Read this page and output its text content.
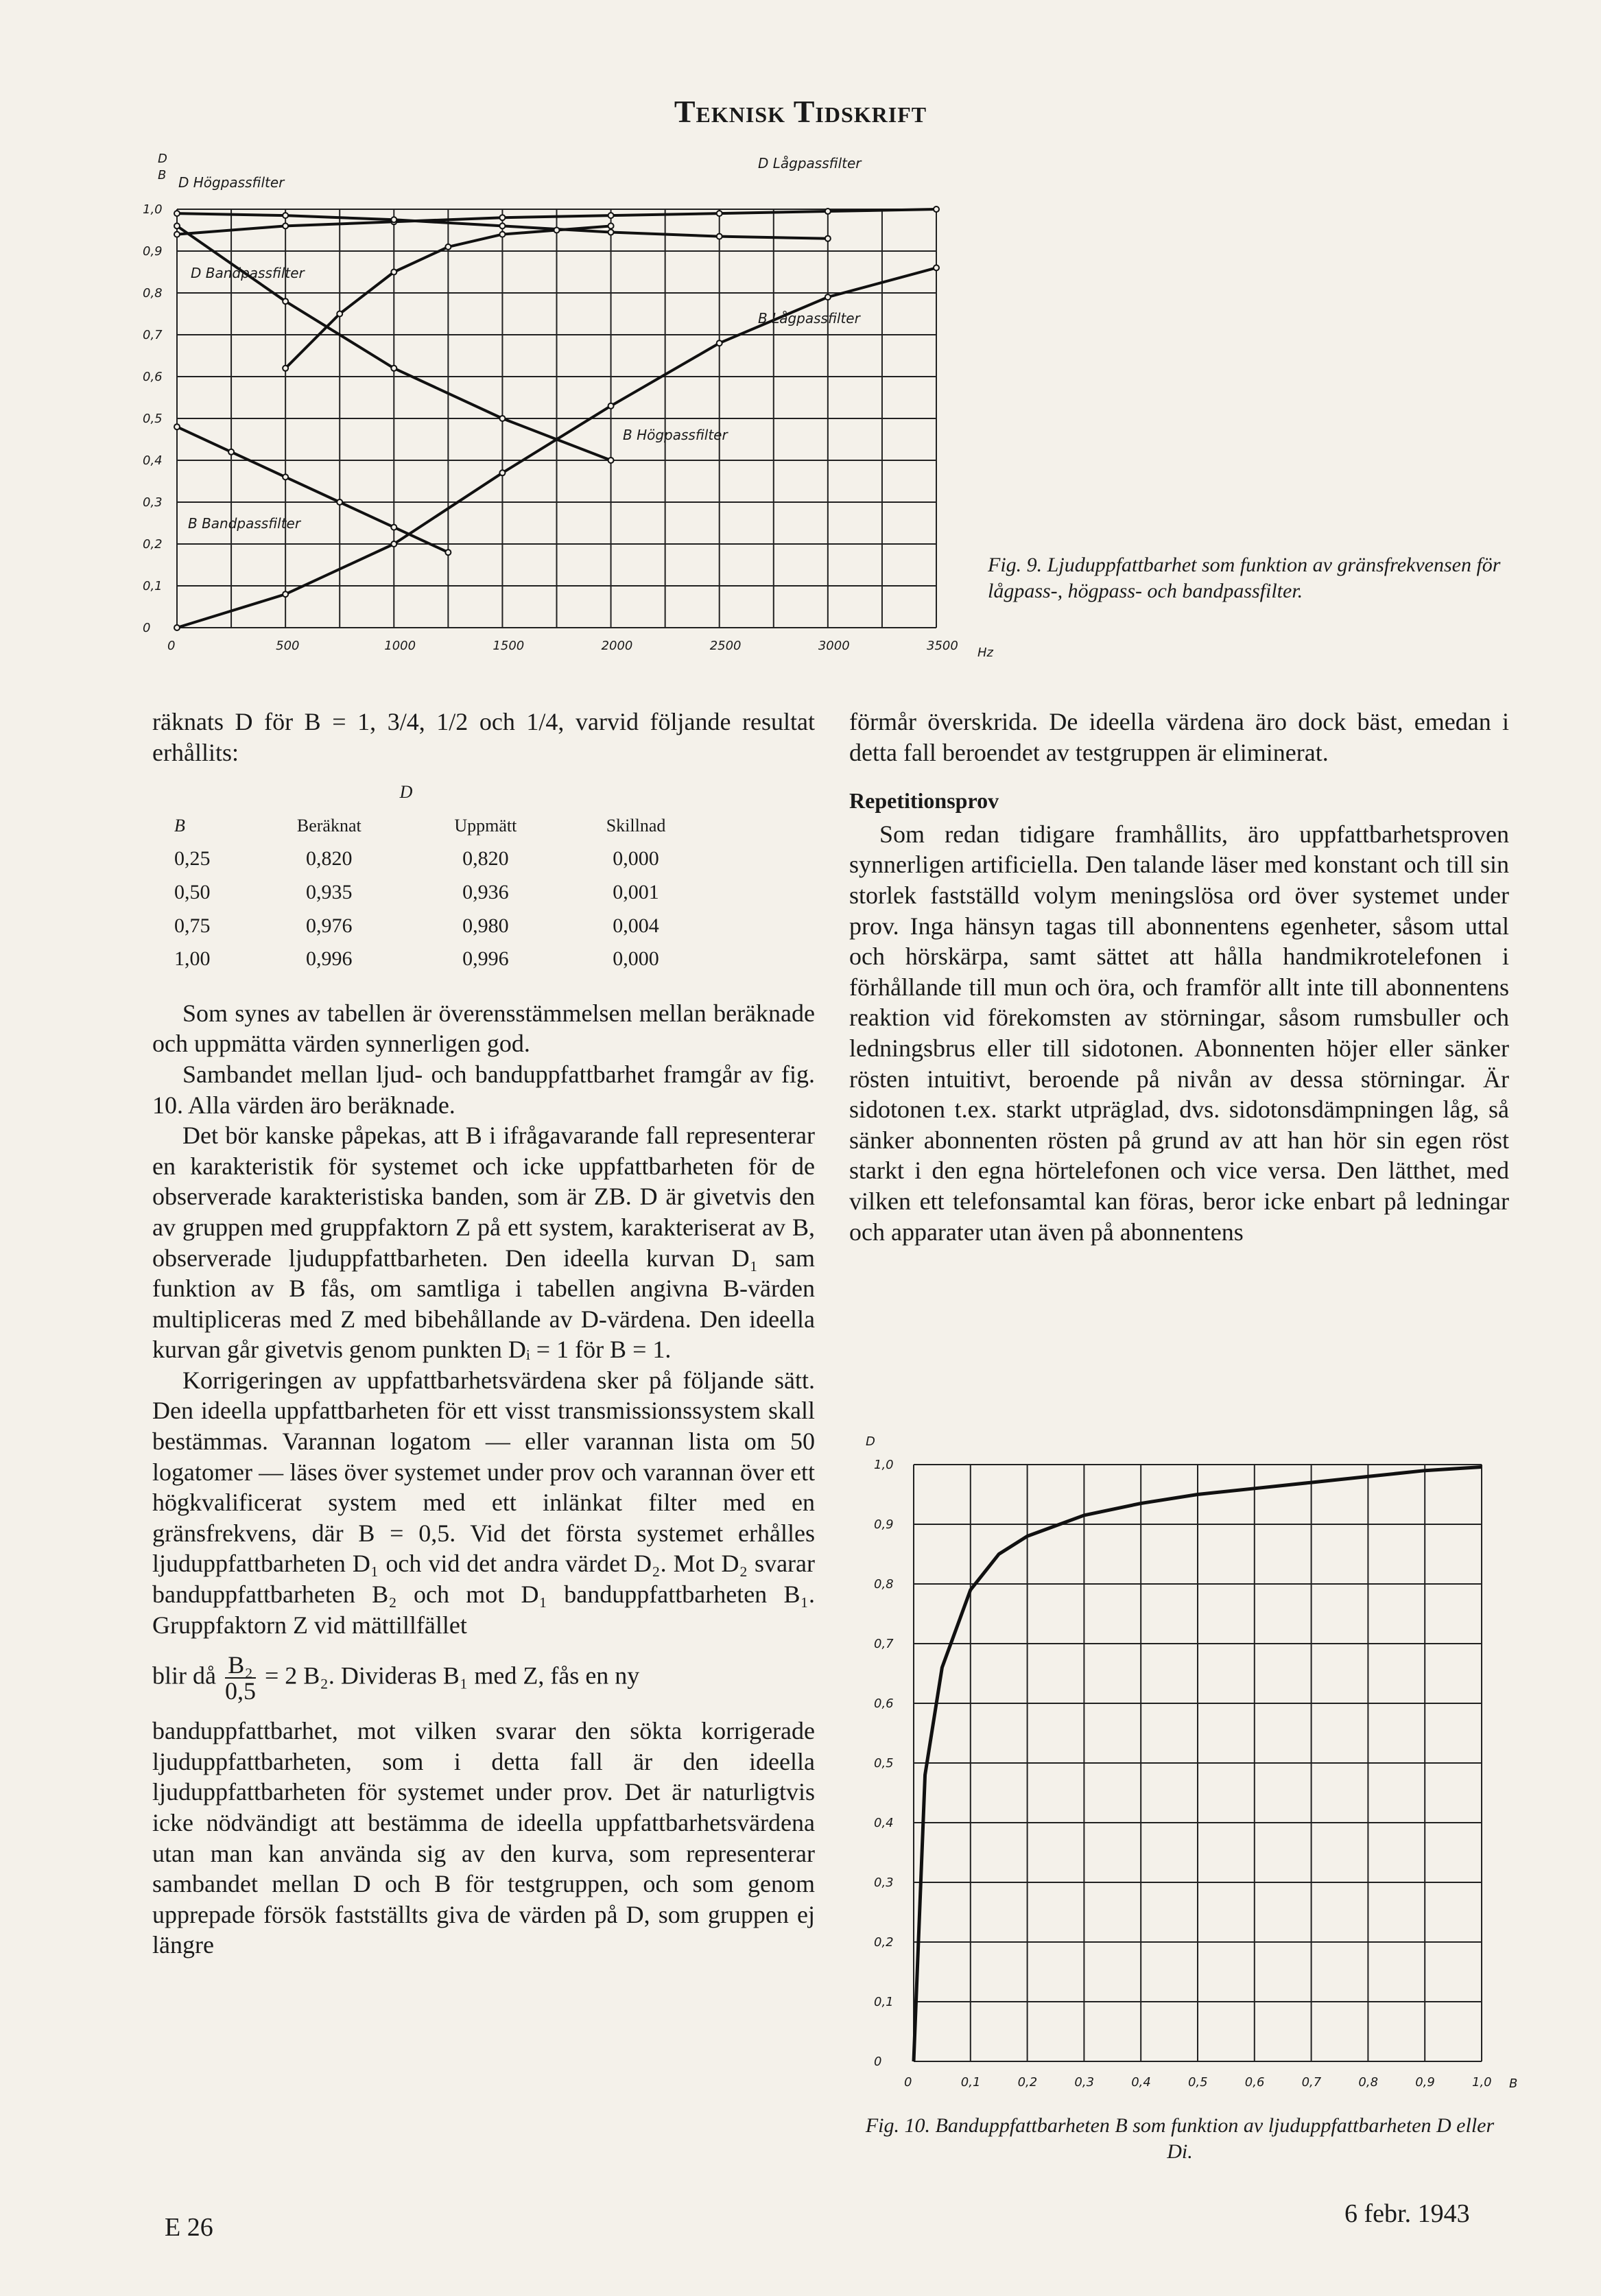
Teknisk Tidskrift
0	500	1000	1500	2000	2500	3000	3500
0
0,1
0,2
0,3
0,4
0,5
0,6
0,7
0,8
0,9
1,0
D
B
Hz
D Högpassfilter
D Lågpassfilter
D Bandpassfilter
B Lågpassfilter
B Högpassfilter
B Bandpassfilter
Fig. 9. Ljuduppfattbarhet som funktion av gränsfrekvensen för lågpass-, högpass- och bandpassfilter.

räknats D för B = 1, 3/4, 1/2 och 1/4, varvid följande resultat erhållits:

B	D		Skillnad
	Beräknat	Uppmätt	
0,25	0,820	0,820	0,000
0,50	0,935	0,936	0,001
0,75	0,976	0,980	0,004
1,00	0,996	0,996	0,000

Som synes av tabellen är överensstämmelsen mellan beräknade och uppmätta värden synnerligen god.

Sambandet mellan ljud- och banduppfattbarhet framgår av fig. 10. Alla värden äro beräknade.

Det bör kanske påpekas, att B i ifrågavarande fall representerar en karakteristik för systemet och icke uppfattbarheten för de observerade karakteristiska banden, som är ZB. D är givetvis den av gruppen med gruppfaktorn Z på ett system, karakteriserat av B, observerade ljuduppfattbarheten. Den ideella kurvan D₁ sam funktion av B fås, om samtliga i tabellen angivna B-värden multipliceras med Z med bibehållande av D-värdena. Den ideella kurvan går givetvis genom punkten Dᵢ = 1 för B = 1.

Korrigeringen av uppfattbarhetsvärdena sker på följande sätt. Den ideella uppfattbarheten för ett visst transmissionssystem skall bestämmas. Varannan logatom — eller varannan lista om 50 logatomer — läses över systemet under prov och varannan över ett högkvalificerat system med ett inlänkat filter med en gränsfrekvens, där B = 0,5. Vid det första systemet erhålles ljuduppfattbarheten D₁ och vid det andra värdet D₂. Mot D₂ svarar banduppfattbarheten B₂ och mot D₁ banduppfattbarheten B₁. Gruppfaktorn Z vid mättillfället

blir då $\frac{\text{B₂}}{0,5} = 2$ B₂. Divideras B₁ med Z, fås en ny

banduppfattbarhet, mot vilken svarar den sökta korrigerade ljuduppfattbarheten, som i detta fall är den ideella ljuduppfattbarheten för systemet under prov. Det är naturligtvis icke nödvändigt att bestämma de ideella uppfattbarhetsvärdena utan man kan använda sig av den kurva, som representerar sambandet mellan D och B för testgruppen, och som genom upprepade försök fastställts giva de värden på D, som gruppen ej längre

förmår överskrida. De ideella värdena äro dock bäst, emedan i detta fall beroendet av testgruppen är eliminerat.

Repetitionsprov

Som redan tidigare framhållits, äro uppfattbarhetsproven synnerligen artificiella. Den talande läser med konstant och till sin storlek fastställd volym meningslösa ord över systemet under prov. Inga hänsyn tagas till abonnentens egenheter, såsom uttal och hörskärpa, samt sättet att hålla handmikrotelefonen i förhållande till mun och öra, och framför allt inte till abonnentens reaktion vid förekomsten av störningar, såsom rumsbuller och ledningsbrus eller till sidotonen. Abonnenten höjer eller sänker rösten intuitivt, beroende på nivån av dessa störningar. Är sidotonen t.ex. starkt utpräglad, dvs. sidotonsdämpningen låg, så sänker abonnenten rösten på grund av att han hör sin egen röst starkt i den egna hörtelefonen och vice versa. Den lätthet, med vilken ett telefonsamtal kan föras, beror icke enbart på ledningar och apparater utan även på abonnentens

0	0,1	0,2	0,3	0,4	0,5	0,6	0,7	0,8	0,9	1,0
0
0,1
0,2
0,3
0,4
0,5
0,6
0,7
0,8
0,9
1,0
D
B
Fig. 10. Banduppfattbarheten B som funktion av ljuduppfattbarheten D eller Di.
E 26	6 febr. 1943
